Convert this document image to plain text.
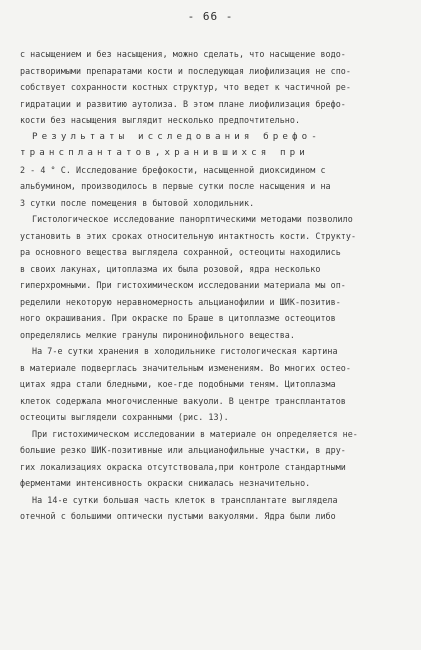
- 66 -
с насыщением и без насыщения, можно сделать, что насыщение водо-
растворимыми препаратами кости и последующая лиофилизация не спо-
собствует сохранности костных структур, что ведет к частичной ре-
гидратации и развитию аутолиза. В этом плане лиофилизация брефо-
кости без насыщения выглядит несколько предпочтительно.
Результаты исследования брефо-
трансплантатов,хранившихся при
2 - 4 ° С. Исследование брефокости, насыщенной диоксидином с
альбумином, производилось в первые сутки после насыщения и на
3 сутки после помещения в бытовой холодильник.
Гистологическое исследование панорптическими методами позволило
установить в этих сроках относительную интактность кости. Структу-
ра основного вещества выглядела сохранной, остеоциты находились
в своих лакунах, цитоплазма их была розовой, ядра несколько
гиперхромными. При гистохимическом исследовании материала мы оп-
ределили некоторую неравномерность альцианофилии и ШИК-позитив-
ного окрашивания. При окраске по Браше в цитоплазме остеоцитов
определялись мелкие гранулы пиронинофильного вещества.
На 7-е сутки хранения в холодильнике гистологическая картина
в материале подверглась значительным изменениям. Во многих остео-
цитах ядра стали бледными, кое-где подобными теням. Цитоплазма
клеток содержала многочисленные вакуоли. В центре трансплантатов
остеоциты выглядели сохранными (рис. 13).
При гистохимическом исследовании в материале он определяется не-
большие резко ШИК-позитивные или альцианофильные участки, в дру-
гих локализациях окраска отсутствовала,при контроле стандартными
ферментами интенсивность окраски снижалась незначительно.
На 14-е сутки большая часть клеток в трансплантате выглядела
отечной с большими оптически пустыми вакуолями. Ядра были либо
